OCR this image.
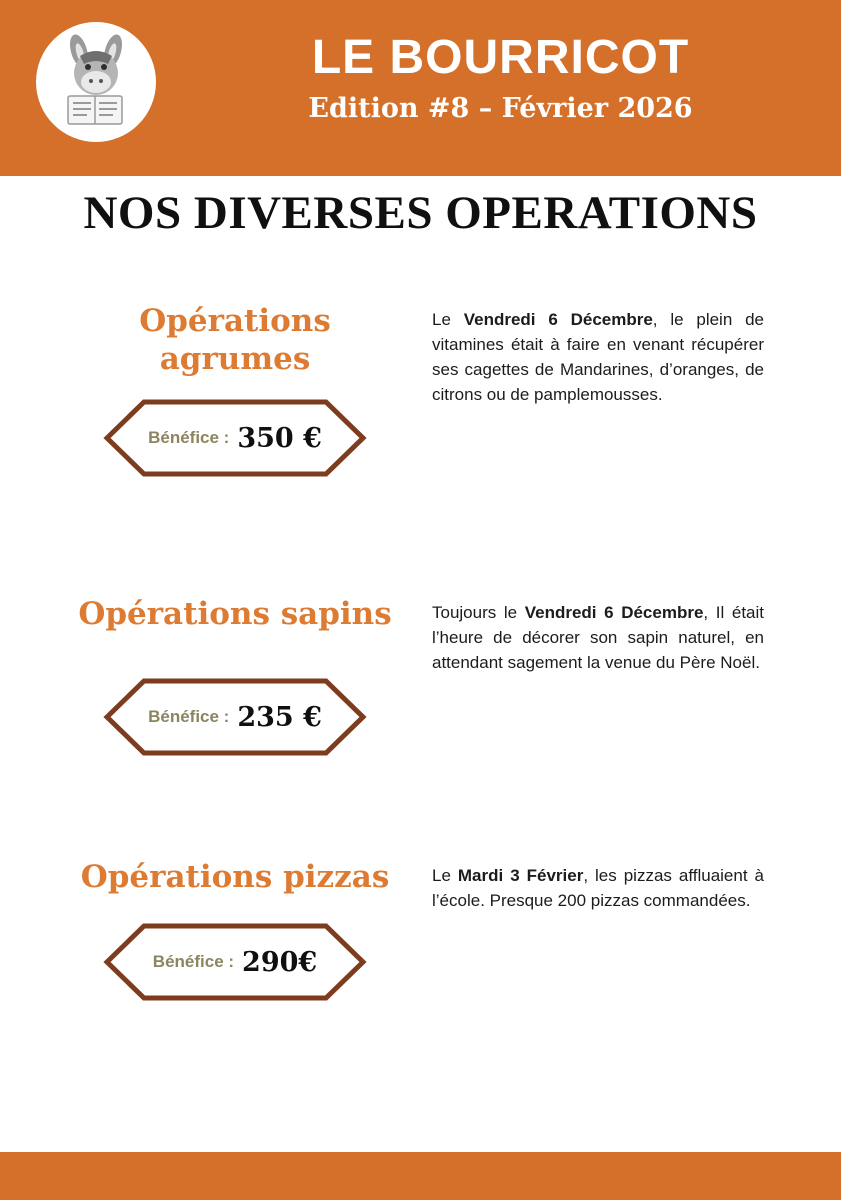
LE BOURRICOT
Edition #8 – Février 2026
NOS DIVERSES OPERATIONS
Opérations agrumes
Bénéfice : 350 €
Le Vendredi 6 Décembre, le plein de vitamines était à faire en venant récupérer ses cagettes de Mandarines, d’oranges, de citrons ou de pamplemousses.
Opérations sapins
Bénéfice : 235 €
Toujours le Vendredi 6 Décembre, Il était l’heure de décorer son sapin naturel, en attendant sagement la venue du Père Noël.
Opérations pizzas
Bénéfice : 290€
Le Mardi 3 Février, les pizzas affluaient à l’école. Presque 200 pizzas commandées.
